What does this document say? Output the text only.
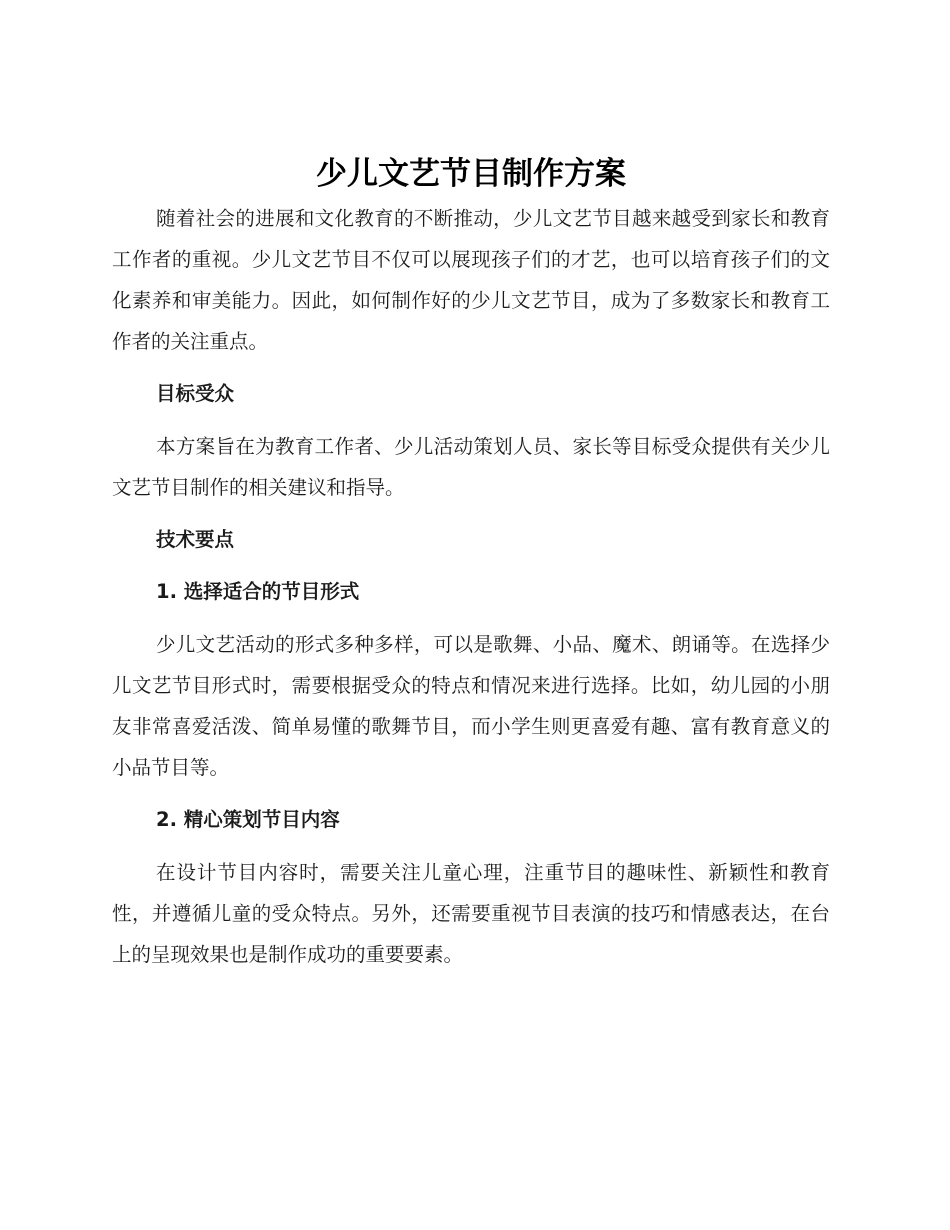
少儿文艺节目制作方案

随着社会的进展和文化教育的不断推动，少儿文艺节目越来越受到家长和教育工作者的重视。少儿文艺节目不仅可以展现孩子们的才艺，也可以培育孩子们的文化素养和审美能力。因此，如何制作好的少儿文艺节目，成为了多数家长和教育工作者的关注重点。

目标受众

本方案旨在为教育工作者、少儿活动策划人员、家长等目标受众提供有关少儿文艺节目制作的相关建议和指导。

技术要点

1. 选择适合的节目形式

少儿文艺活动的形式多种多样，可以是歌舞、小品、魔术、朗诵等。在选择少儿文艺节目形式时，需要根据受众的特点和情况来进行选择。比如，幼儿园的小朋友非常喜爱活泼、简单易懂的歌舞节目，而小学生则更喜爱有趣、富有教育意义的小品节目等。

2. 精心策划节目内容

在设计节目内容时，需要关注儿童心理，注重节目的趣味性、新颖性和教育性，并遵循儿童的受众特点。另外，还需要重视节目表演的技巧和情感表达，在台上的呈现效果也是制作成功的重要要素。
